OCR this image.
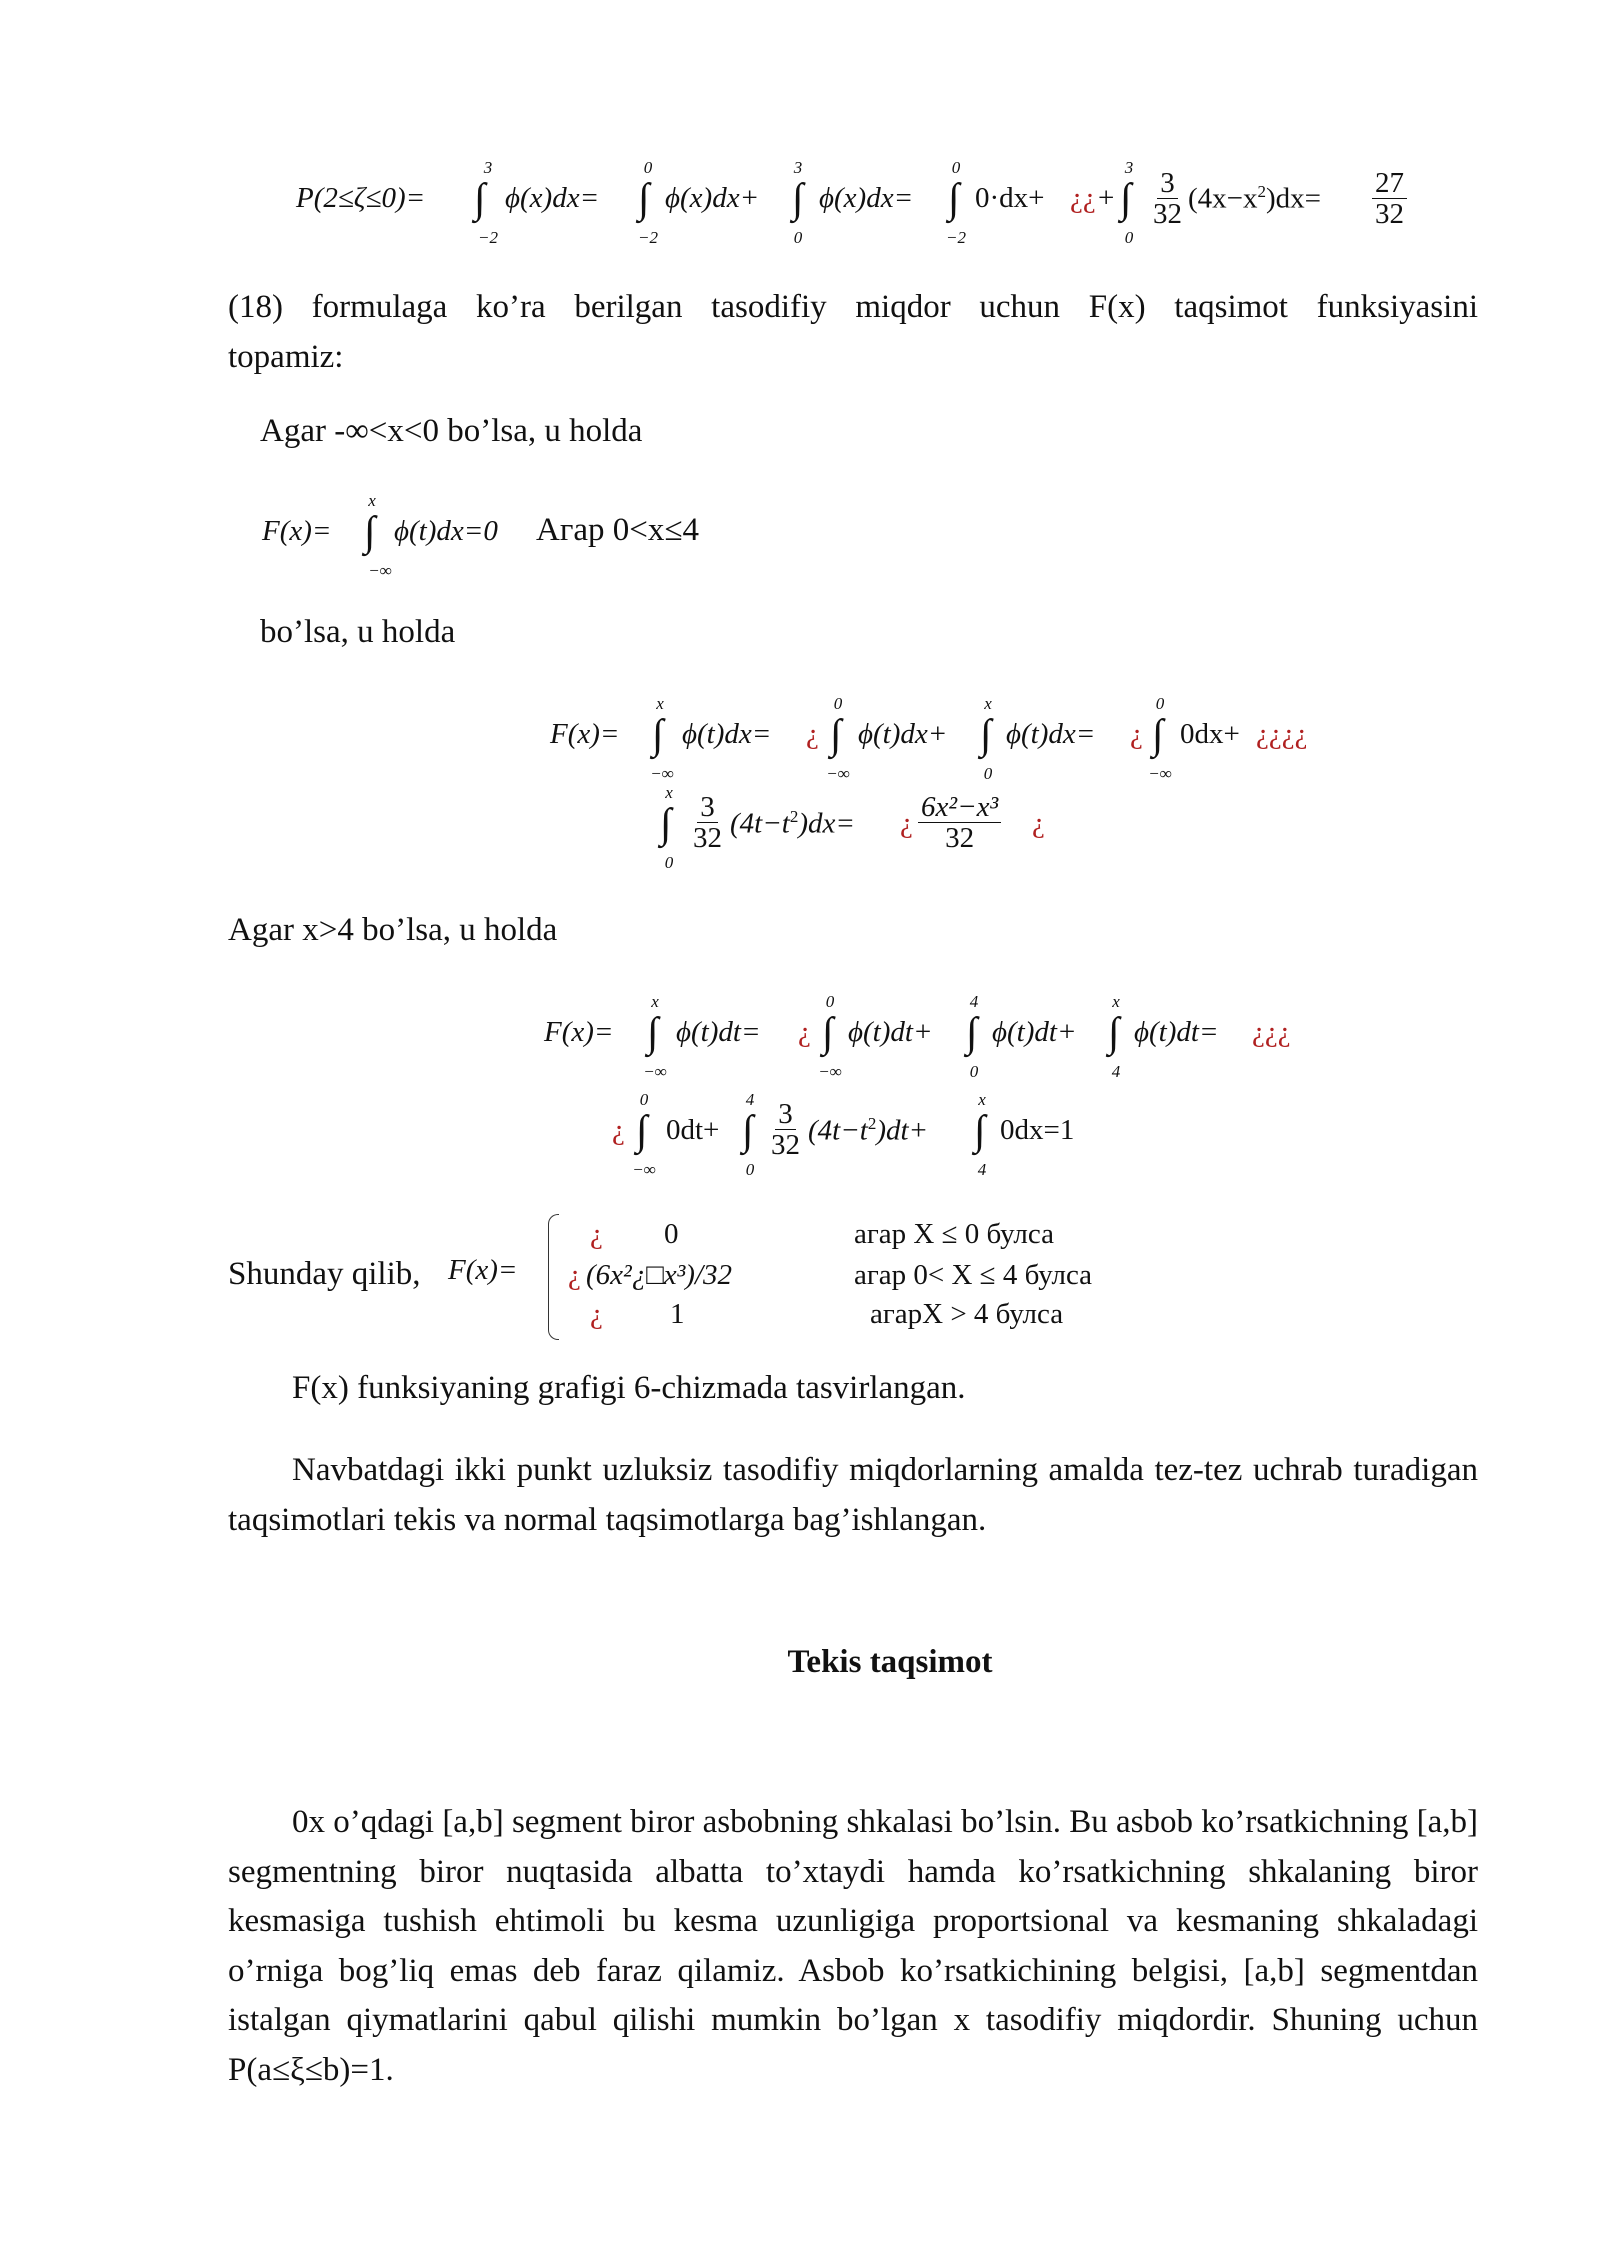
P(2≤ζ≤0)= ∫
3
−2
ϕ(x)dx= ∫
0
−2
ϕ(x)dx+ ∫
3
0
ϕ(x)dx= ∫
0
−2
0·dx+ ¿¿ + ∫
3
0
$\frac{3}{32} (4x-x^2)dx= \frac{27}{32}$
(18) formulaga ko’ra berilgan tasodifiy miqdor uchun F(x) taqsimot funksiyasini
topamiz:
Agar -∞<x<0 bo’lsa, u holda
F(x)= ∫
x
−∞
ϕ(t)dx=0 Агар 0<x≤4
bo’lsa, u holda
F(x)= ∫
x
−∞
ϕ(t)dx= ¿ ∫
0
−∞
ϕ(t)dx+ ∫
x
0
ϕ(t)dx= ¿ ∫
0
−∞
0dx+ ¿¿¿¿
∫
x
0
$\frac{3}{32} (4t-t^2)dx=$ ¿ $\frac{\text{6x²−x³}}{32}$ ¿
Agar x>4 bo’lsa, u holda
F(x)= ∫
x
−∞
ϕ(t)dt= ¿ ∫
0
−∞
ϕ(t)dt+ ∫
4
0
ϕ(t)dt+ ∫
x
4
ϕ(t)dt= ¿¿¿
¿ ∫
0
−∞
0dt+ ∫
4
0
$\frac{3}{32} (4t-t^2)dt+$ ∫
x
4
0dx=1
Shunday qilib, F(x)=
¿ 0	агар X ≤ 0 булса
¿ (6x²¿□x³)/32	агар 0< X ≤ 4 булса
¿ 1	агарX > 4 булса
F(x) funksiyaning grafigi 6-chizmada tasvirlangan.
Navbatdagi ikki punkt uzluksiz tasodifiy miqdorlarning amalda tez-tez uchrab turadigan taqsimotlari tekis va normal taqsimotlarga bag’ishlangan.
Tekis taqsimot
0x o’qdagi [a,b] segment biror asbobning shkalasi bo’lsin. Bu asbob ko’rsatkichning [a,b] segmentning biror nuqtasida albatta to’xtaydi hamda ko’rsatkichning shkalaning biror kesmasiga tushish ehtimoli bu kesma uzunligiga proportsional va kesmaning shkaladagi o’rniga bog’liq emas deb faraz qilamiz. Asbob ko’rsatkichining belgisi, [a,b] segmentdan istalgan qiymatlarini qabul qilishi mumkin bo’lgan x tasodifiy miqdordir. Shuning uchun P(a≤ξ≤b)=1.
